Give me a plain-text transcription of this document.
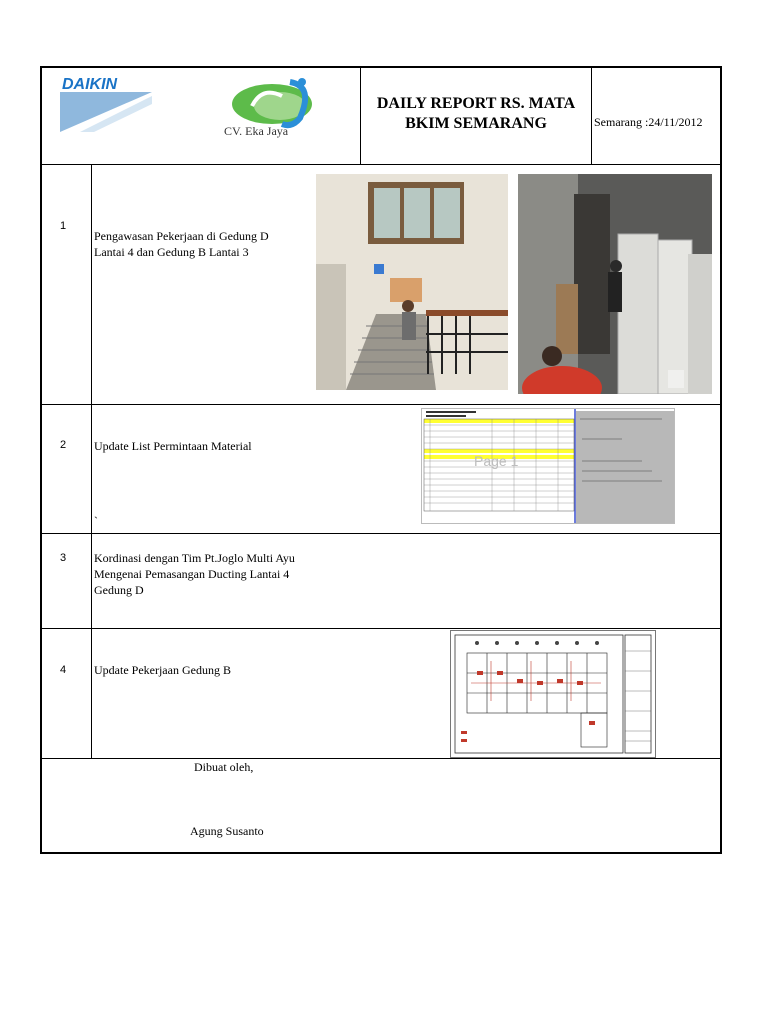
DAIKIN
CV. Eka Jaya
DAILY REPORT RS. MATA BKIM SEMARANG	Semarang :24/11/2012
1
Pengawasan Pekerjaan di Gedung D Lantai 4 dan Gedung B Lantai 3
2 Update List Permintaan Material
`
Page 1
3 Kordinasi dengan Tim Pt.Joglo Multi Ayu Mengenai Pemasangan Ducting Lantai 4 Gedung D
4 Update Pekerjaan Gedung B
Dibuat oleh,
Agung Susanto
